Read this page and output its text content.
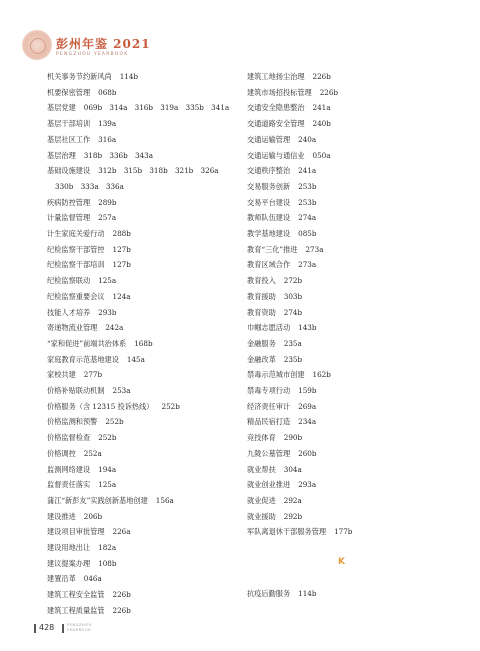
彭州年鉴 2021
PENGZHOU YEARBOOK
机关事务节约新风尚 114b
机要保密管理 068b
基层党建 069b 314a 316b 319a 335b 341a
基层干部培训 139a
基层社区工作 316a
基层治理 318b 336b 343a
基础设施建设 312b 315b 318b 321b 326a
330b 333a 336a
疾病防控管理 289b
计量监督管理 257a
计生家庭关爱行动 288b
纪检监察干部管控 127b
纪检监察干部培训 127b
纪检监察联动 125a
纪检监察重要会议 124a
技能人才培养 293b
寄递物流业管理 242a
“家和促进”前端共治体系 168b
家庭教育示范基地建设 145a
家校共建 277b
价格补贴联动机制 253a
价格服务（含 12315 投诉热线） 252b
价格监测和预警 252b
价格监督检查 252b
价格调控 252a
监测网络建设 194a
监督责任落实 125a
蒲江“新彭友”实践创新基地创建 156a
建设推进 206b
建设项目审批管理 226a
建设用地出让 182a
建议提案办理 108b
建置沿革 046a
建筑工程安全监管 226b
建筑工程质量监管 226b
建筑工地扬尘治理 226b
建筑市场招投标管理 226b
交通安全隐患整治 241a
交通道路安全管理 240b
交通运输管理 240a
交通运输与通信业 050a
交通秩序整治 241a
交易服务创新 253b
交易平台建设 253b
教师队伍建设 274a
教学基地建设 085b
教育“三化”推进 273a
教育区域合作 273a
教育投入 272b
教育援助 303b
教育资助 274b
巾帼志愿活动 143b
金融服务 235a
金融改革 235b
禁毒示范城市创建 162b
禁毒专项行动 159b
经济责任审计 269a
精品民宿打造 234a
竞技体育 290b
九陇公墓管理 260b
就业帮扶 304a
就业创业推进 293a
就业促进 292a
就业援助 292b
军队离退休干部服务管理 177b
抗疫后勤服务 114b
K
428	PENGZHOU
YEARBOOK
